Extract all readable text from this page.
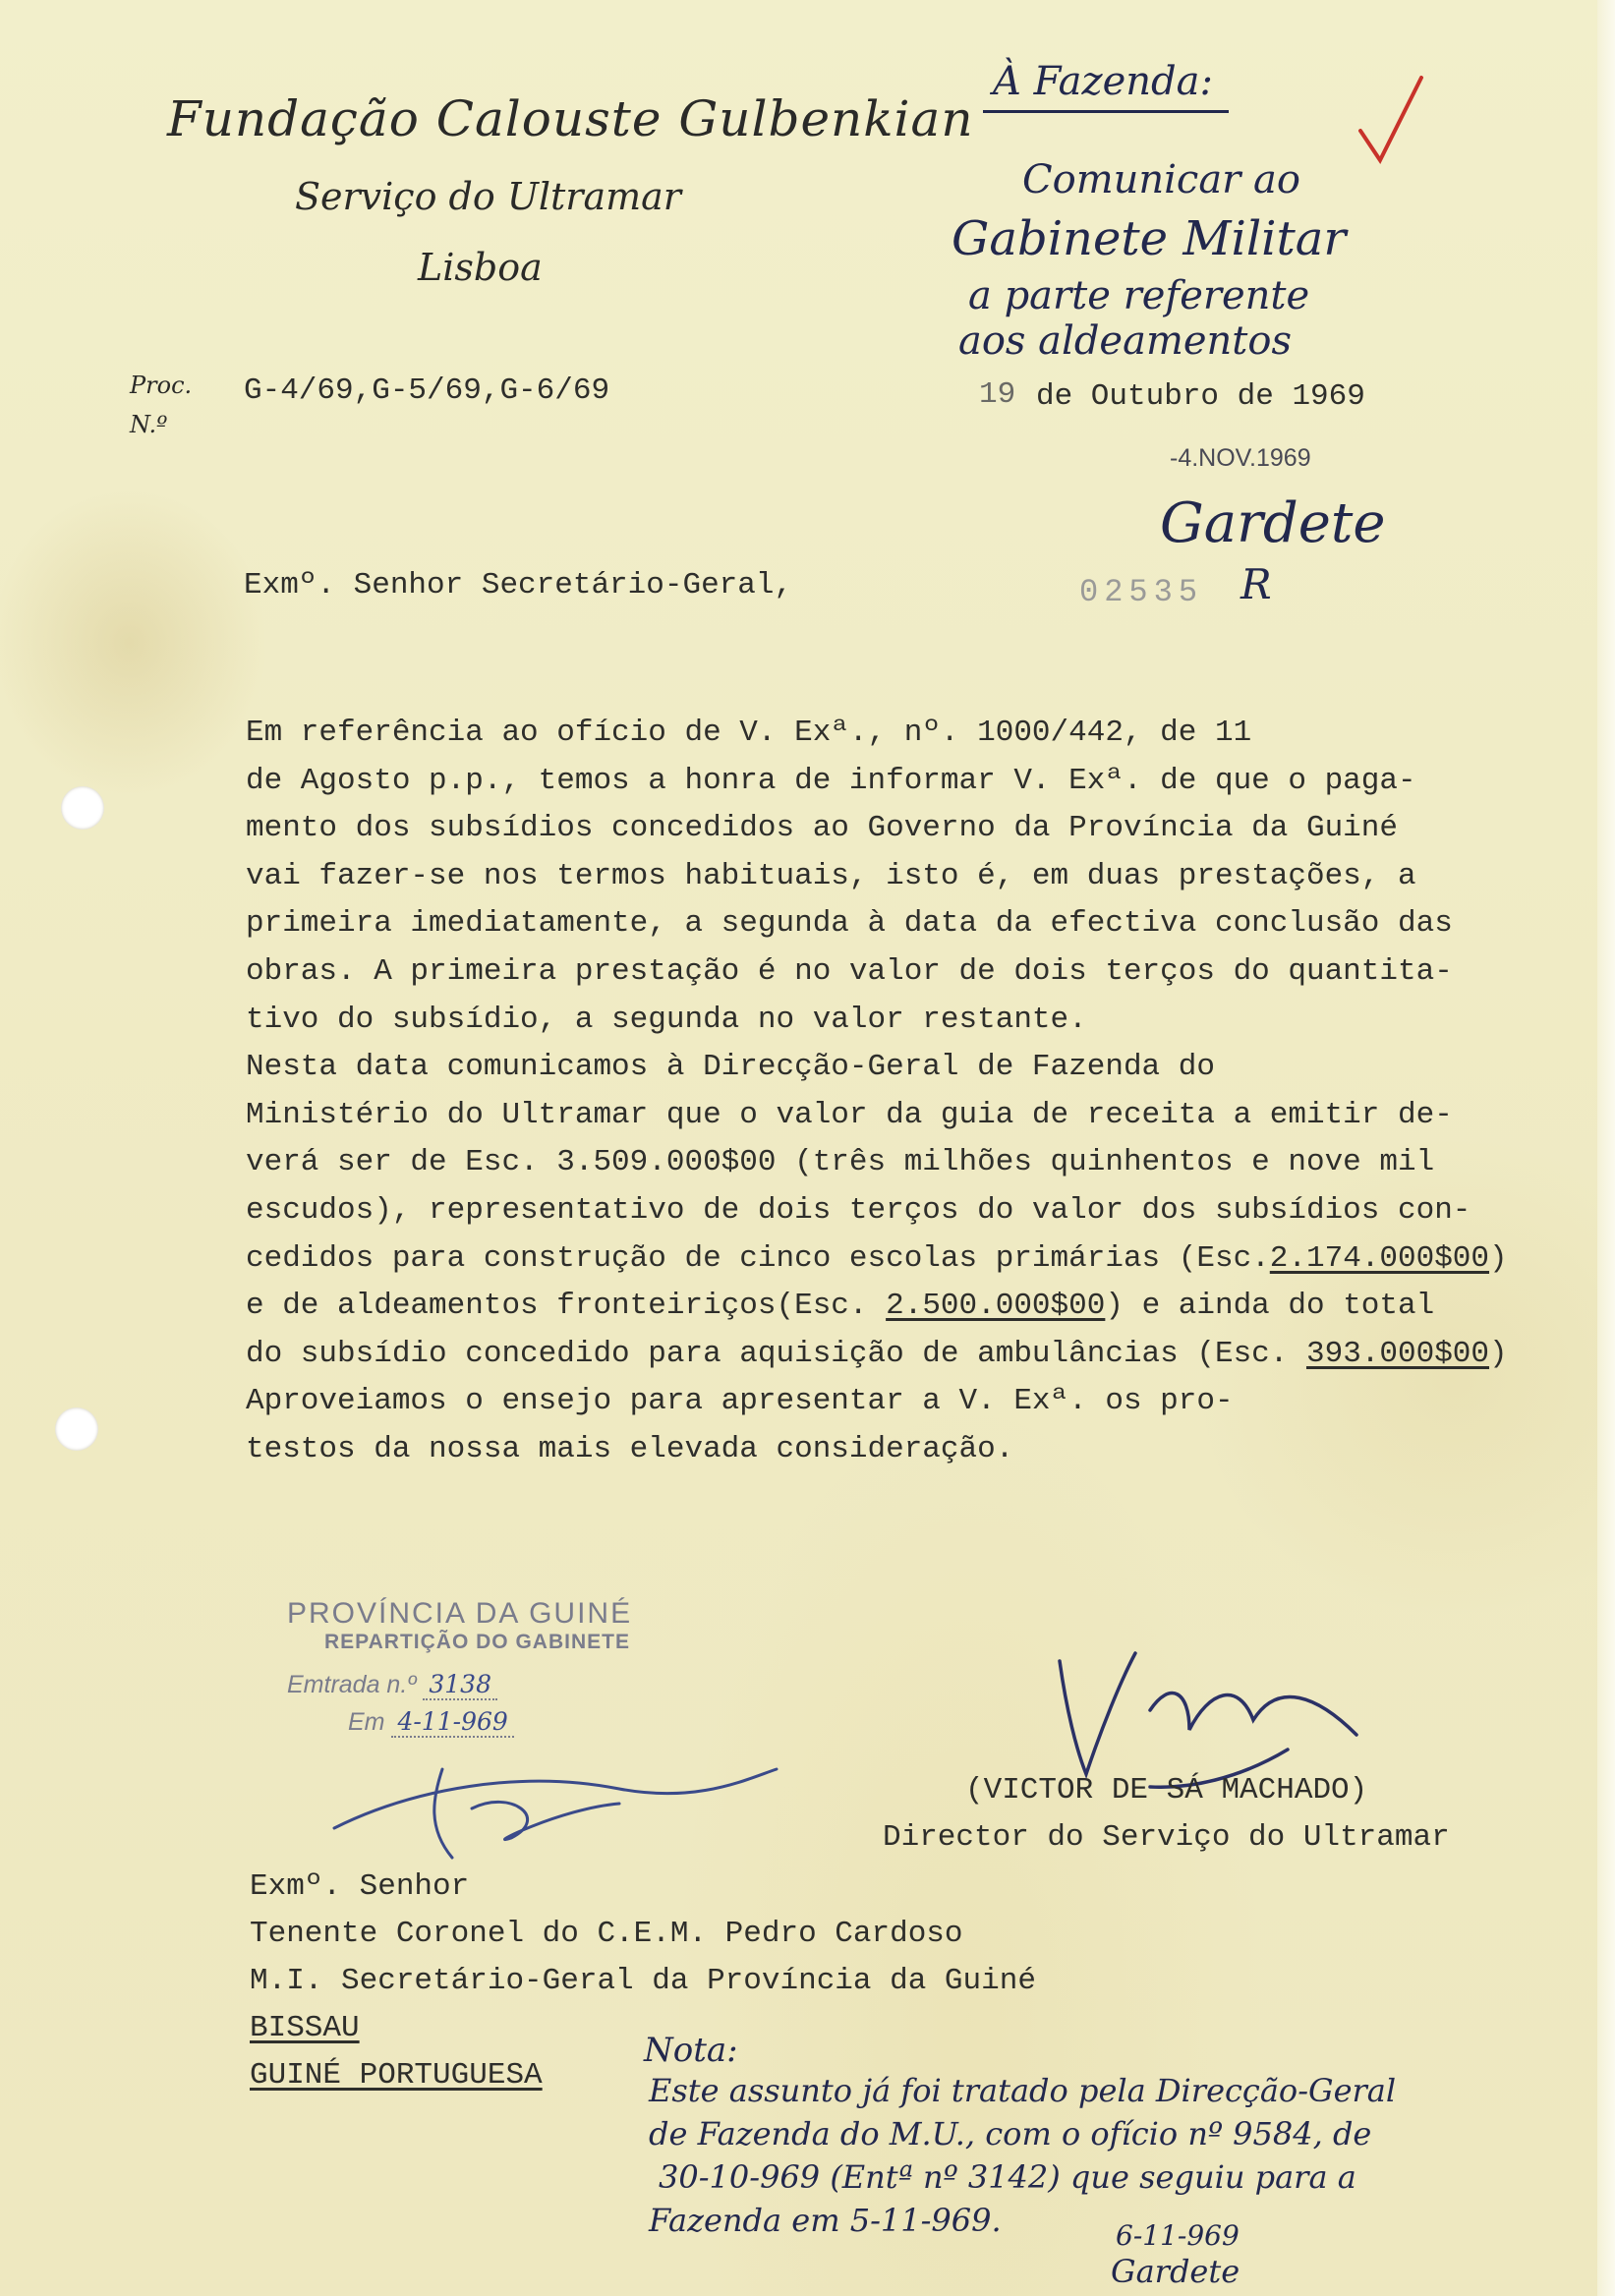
Fundação Calouste Gulbenkian
Serviço do Ultramar
Lisboa
Proc.
N.º
G-4/69,G-5/69,G-6/69	19 de Outubro de 1969
À Fazenda:
Comunicar ao
Gabinete Militar
a parte referente
aos aldeamentos
-4.NOV.1969
Gardete
02535 R
Exmº. Senhor Secretário-Geral,
Em referência ao ofício de V. Exª., nº. 1000/442, de 11
de Agosto p.p., temos a honra de informar V. Exª. de que o paga-
mento dos subsídios concedidos ao Governo da Província da Guiné
vai fazer-se nos termos habituais, isto é, em duas prestações, a
primeira imediatamente, a segunda à data da efectiva conclusão das
obras. A primeira prestação é no valor de dois terços do quantita-
tivo do subsídio, a segunda no valor restante.
Nesta data comunicamos à Direcção-Geral de Fazenda do
Ministério do Ultramar que o valor da guia de receita a emitir de-
verá ser de Esc. 3.509.000$00 (três milhões quinhentos e nove mil
escudos), representativo de dois terços do valor dos subsídios con-
cedidos para construção de cinco escolas primárias (Esc.2.174.000$00)
e de aldeamentos fronteiriços(Esc. 2.500.000$00) e ainda do total
do subsídio concedido para aquisição de ambulâncias (Esc. 393.000$00)
Aproveiamos o ensejo para apresentar a V. Exª. os pro-
testos da nossa mais elevada consideração.
PROVÍNCIA DA GUINÉ
REPARTIÇÃO DO GABINETE
Emtrada n.º 3138
Em 4-11-969
(VICTOR DE SÁ MACHADO)
Director do Serviço do Ultramar
Exmº. Senhor
Tenente Coronel do C.E.M. Pedro Cardoso
M.I. Secretário-Geral da Província da Guiné
BISSAU
GUINÉ PORTUGUESA
Nota:
Este assunto já foi tratado pela Direcção-Geral
de Fazenda do M.U., com o ofício nº 9584, de
30-10-969 (Entª nº 3142) que seguiu para a
Fazenda em 5-11-969.	6-11-969
Gardete
